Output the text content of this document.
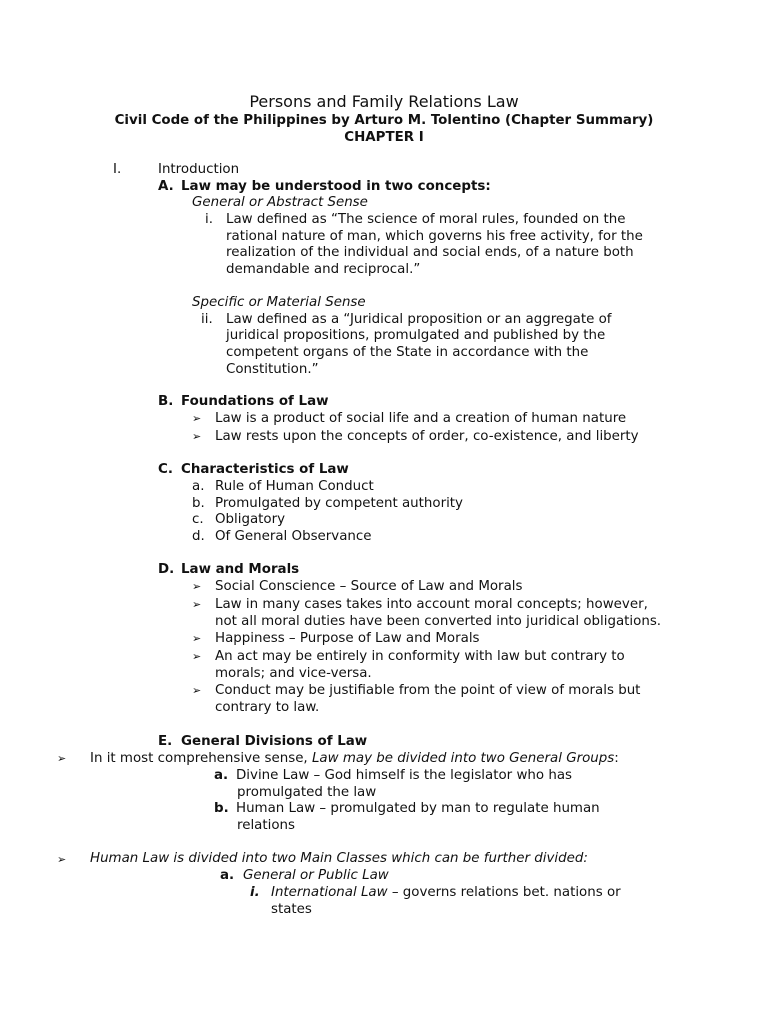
Persons and Family Relations Law
Civil Code of the Philippines by Arturo M. Tolentino (Chapter Summary)
CHAPTER I
I.	Introduction
A. Law may be understood in two concepts:
General or Abstract Sense
i. Law defined as “The science of moral rules, founded on the
rational nature of man, which governs his free activity, for the
realization of the individual and social ends, of a nature both
demandable and reciprocal.”
Specific or Material Sense
ii. Law defined as a “Juridical proposition or an aggregate of
juridical propositions, promulgated and published by the
competent organs of the State in accordance with the
Constitution.”
B. Foundations of Law
➢ Law is a product of social life and a creation of human nature
➢ Law rests upon the concepts of order, co-existence, and liberty
C. Characteristics of Law
a. Rule of Human Conduct
b. Promulgated by competent authority
c. Obligatory
d. Of General Observance
D. Law and Morals
➢ Social Conscience – Source of Law and Morals
➢ Law in many cases takes into account moral concepts; however,
not all moral duties have been converted into juridical obligations.
➢ Happiness – Purpose of Law and Morals
➢ An act may be entirely in conformity with law but contrary to
morals; and vice-versa.
➢ Conduct may be justifiable from the point of view of morals but
contrary to law.
E. General Divisions of Law
➢ In it most comprehensive sense, Law may be divided into two General Groups:
a. Divine Law – God himself is the legislator who has
promulgated the law
b. Human Law – promulgated by man to regulate human
relations
➢ Human Law is divided into two Main Classes which can be further divided:
a. General or Public Law
i. International Law – governs relations bet. nations or
states
